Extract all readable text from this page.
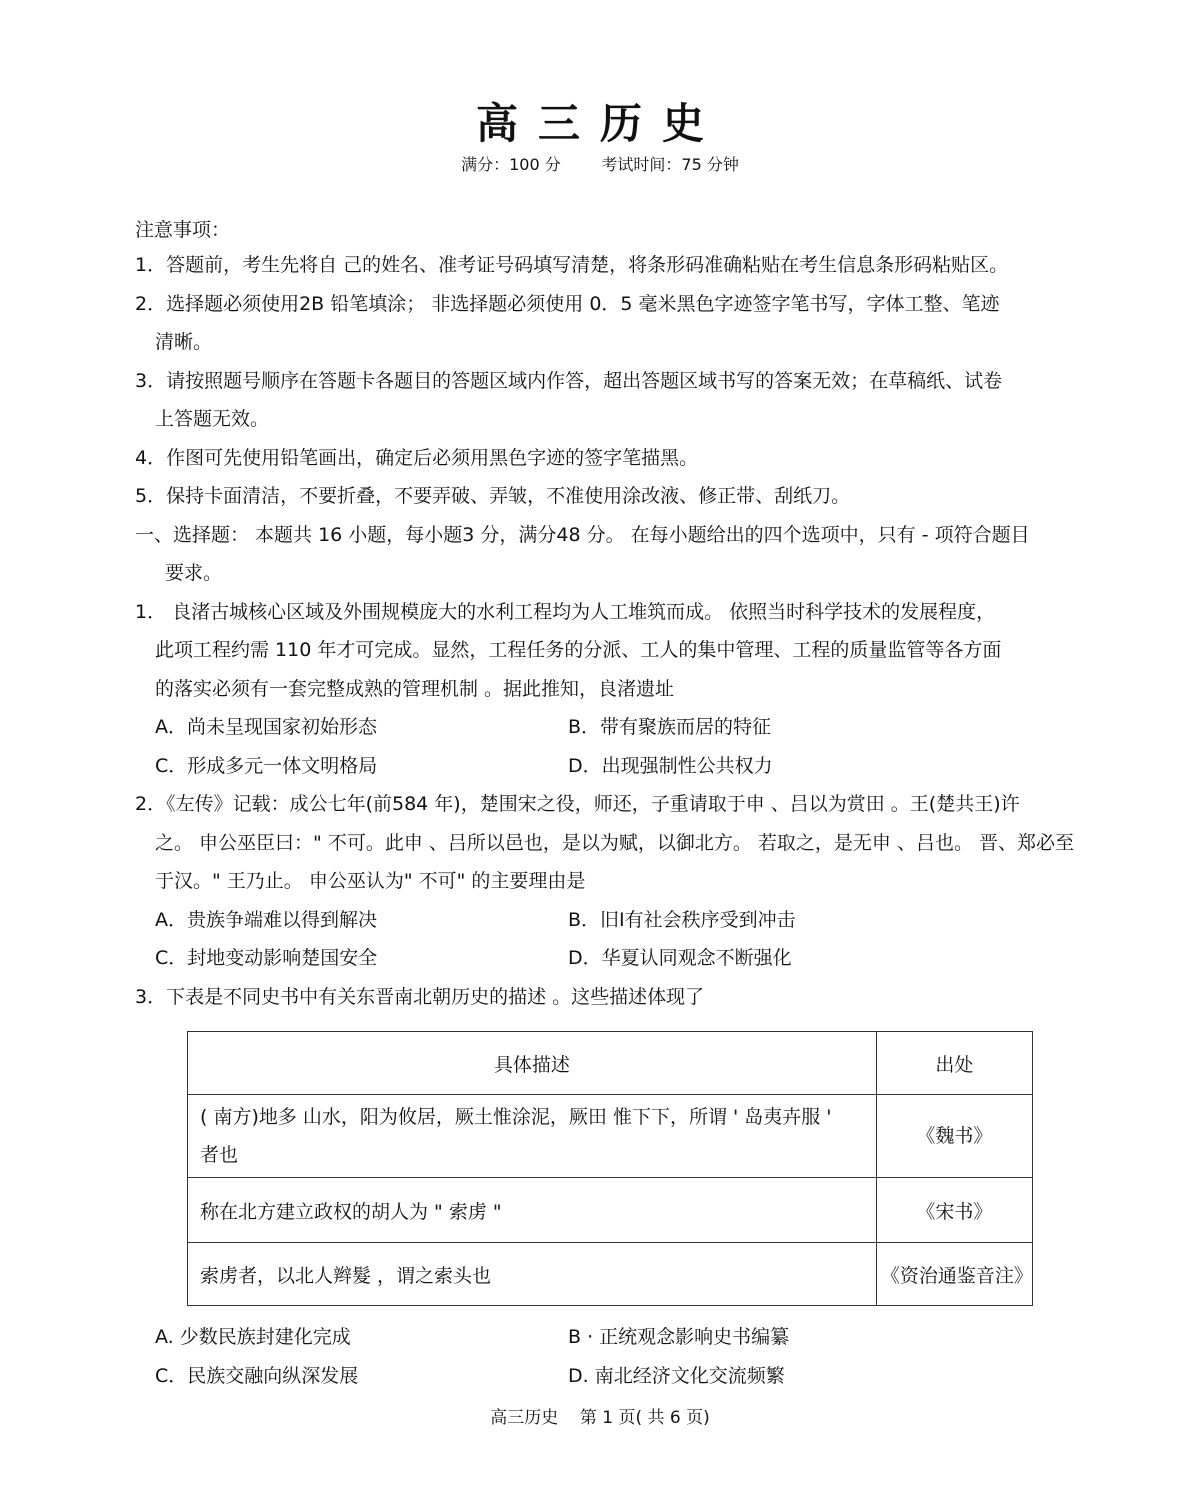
高三历史
满分：100 分        考试时间：75 分钟
注意事项：
1．答题前，考生先将自 己的姓名、准考证号码填写清楚，将条形码准确粘贴在考生信息条形码粘贴区。
2．选择题必须使用2B 铅笔填涂； 非选择题必须使用 0．5 毫米黑色字迹签字笔书写，字体工整、笔迹
清晰。
3．请按照题号顺序在答题卡各题目的答题区域内作答，超出答题区域书写的答案无效；在草稿纸、试卷
上答题无效。
4．作图可先使用铅笔画出，确定后必须用黑色字迹的签字笔描黑。
5．保持卡面清洁，不要折叠，不要弄破、弄皱，不准使用涂改液、修正带、刮纸刀。
一、选择题： 本题共 16 小题，每小题3 分，满分48 分。 在每小题给出的四个选项中，只有 - 项符合题目
要求。
1． 良渚古城核心区域及外围规模庞大的水利工程均为人工堆筑而成。 依照当时科学技术的发展程度，
此项工程约需 110 年才可完成。显然，工程任务的分派、工人的集中管理、工程的质量监管等各方面
的落实必须有一套完整成熟的管理机制 。据此推知，良渚遗址
A．尚未呈现国家初始形态	B．带有聚族而居的特征
C．形成多元一体文明格局	D．出现强制性公共权力
2．《左传》记载：成公七年(前584 年)，楚围宋之役，师还，子重请取于申 、吕以为赏田 。王(楚共王)许
之。 申公巫臣曰：" 不可。此申 、吕所以邑也，是以为赋，以御北方。 若取之，是无申 、吕也。 晋、郑必至
于汉。" 王乃止。 申公巫认为" 不可" 的主要理由是
A．贵族争端难以得到解决	B．旧I有社会秩序受到冲击
C．封地变动影响楚国安全	D．华夏认同观念不断强化
3．下表是不同史书中有关东晋南北朝历史的描述 。这些描述体现了
具体描述	出处

( 南方)地多 山水，阳为攸居，厥土惟涂泥，厥田 惟下下，所谓 ' 岛夷卉服 '
者也	《魏书》
称在北方建立政权的胡人为 " 索虏 "	《宋书》
索虏者，以北人辫髮 ，谓之索头也	《资治通鉴音注》
A. 少数民族封建化完成	B · 正统观念影响史书编纂
C．民族交融向纵深发展	D. 南北经济文化交流频繁
高三历史    第 1 页( 共 6 页)
